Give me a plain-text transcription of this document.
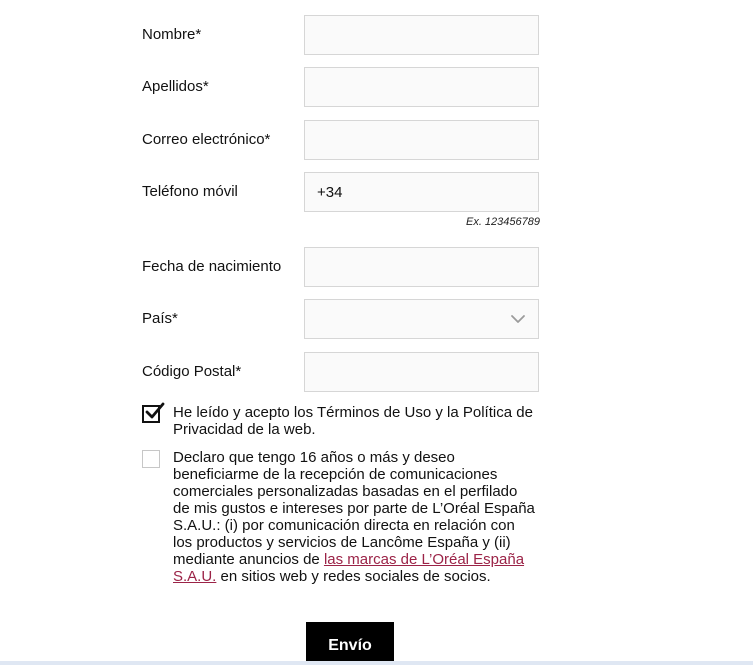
Nombre*
Apellidos*
Correo electrónico*
Teléfono móvil
+34
Ex. 123456789
Fecha de nacimiento
País*
Código Postal*
He leído y acepto los Términos de Uso y la Política de Privacidad de la web.
Declaro que tengo 16 años o más y deseo beneficiarme de la recepción de comunicaciones comerciales personalizadas basadas en el perfilado de mis gustos e intereses por parte de L’Oréal España S.A.U.: (i) por comunicación directa en relación con los productos y servicios de Lancôme España y (ii) mediante anuncios de las marcas de L’Oréal España S.A.U. en sitios web y redes sociales de socios.
Envío
